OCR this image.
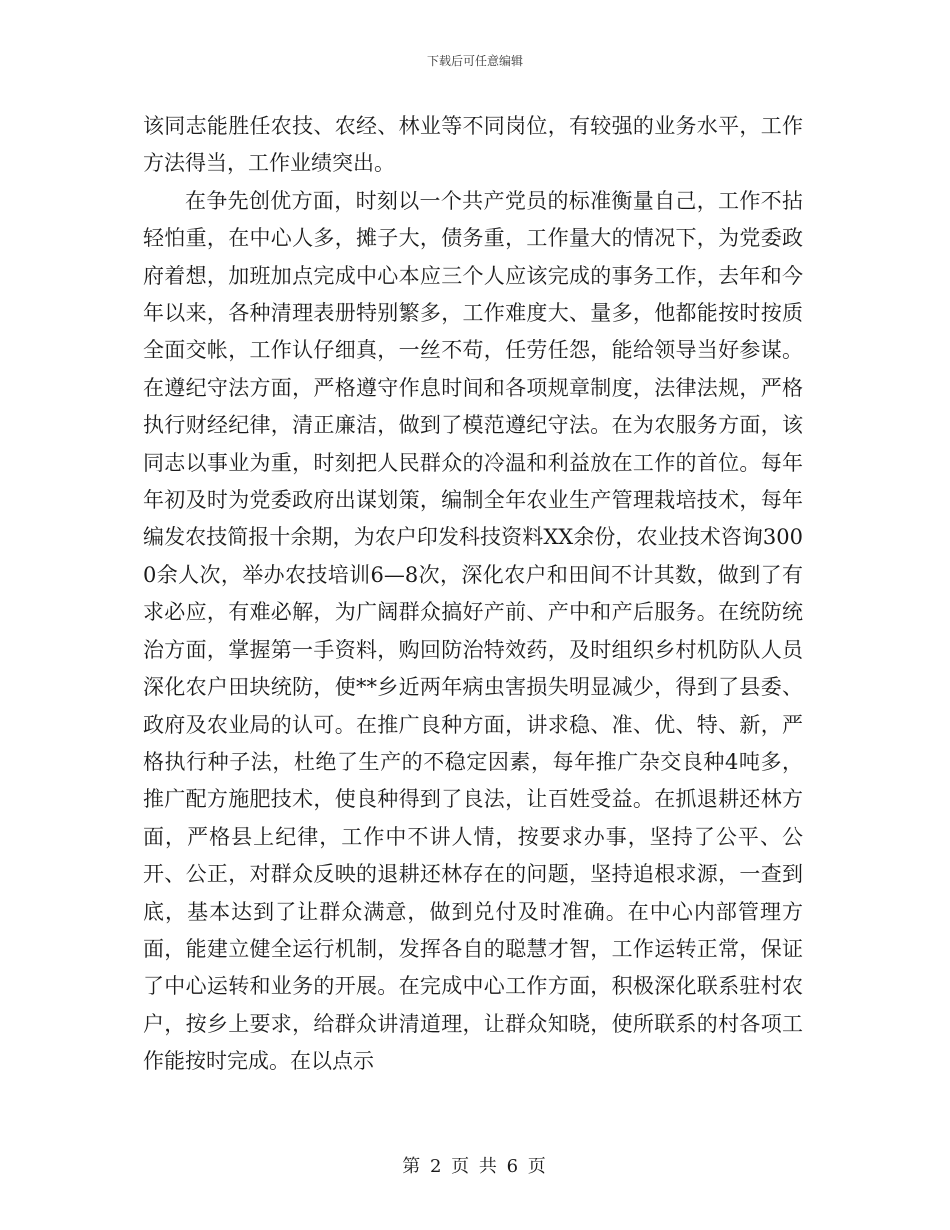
下载后可任意编辑

该同志能胜任农技、农经、林业等不同岗位，有较强的业务水平，工作方法得当，工作业绩突出。

在争先创优方面，时刻以一个共产党员的标准衡量自己，工作不拈轻怕重，在中心人多，摊子大，债务重，工作量大的情况下，为党委政府着想，加班加点完成中心本应三个人应该完成的事务工作，去年和今年以来，各种清理表册特别繁多，工作难度大、量多，他都能按时按质全面交帐，工作认仔细真，一丝不苟，任劳任怨，能给领导当好参谋。在遵纪守法方面，严格遵守作息时间和各项规章制度，法律法规，严格执行财经纪律，清正廉洁，做到了模范遵纪守法。在为农服务方面，该同志以事业为重，时刻把人民群众的冷温和利益放在工作的首位。每年年初及时为党委政府出谋划策，编制全年农业生产管理栽培技术，每年编发农技简报十余期，为农户印发科技资料XX余份，农业技术咨询3000余人次，举办农技培训6—8次，深化农户和田间不计其数，做到了有求必应，有难必解，为广阔群众搞好产前、产中和产后服务。在统防统治方面，掌握第一手资料，购回防治特效药，及时组织乡村机防队人员深化农户田块统防，使**乡近两年病虫害损失明显减少，得到了县委、政府及农业局的认可。在推广良种方面，讲求稳、准、优、特、新，严格执行种子法，杜绝了生产的不稳定因素，每年推广杂交良种4吨多，推广配方施肥技术，使良种得到了良法，让百姓受益。在抓退耕还林方面，严格县上纪律，工作中不讲人情，按要求办事，坚持了公平、公开、公正，对群众反映的退耕还林存在的问题，坚持追根求源，一查到底，基本达到了让群众满意，做到兑付及时准确。在中心内部管理方面，能建立健全运行机制，发挥各自的聪慧才智，工作运转正常，保证了中心运转和业务的开展。在完成中心工作方面，积极深化联系驻村农户，按乡上要求，给群众讲清道理，让群众知晓，使所联系的村各项工作能按时完成。在以点示

第 2 页 共 6 页
